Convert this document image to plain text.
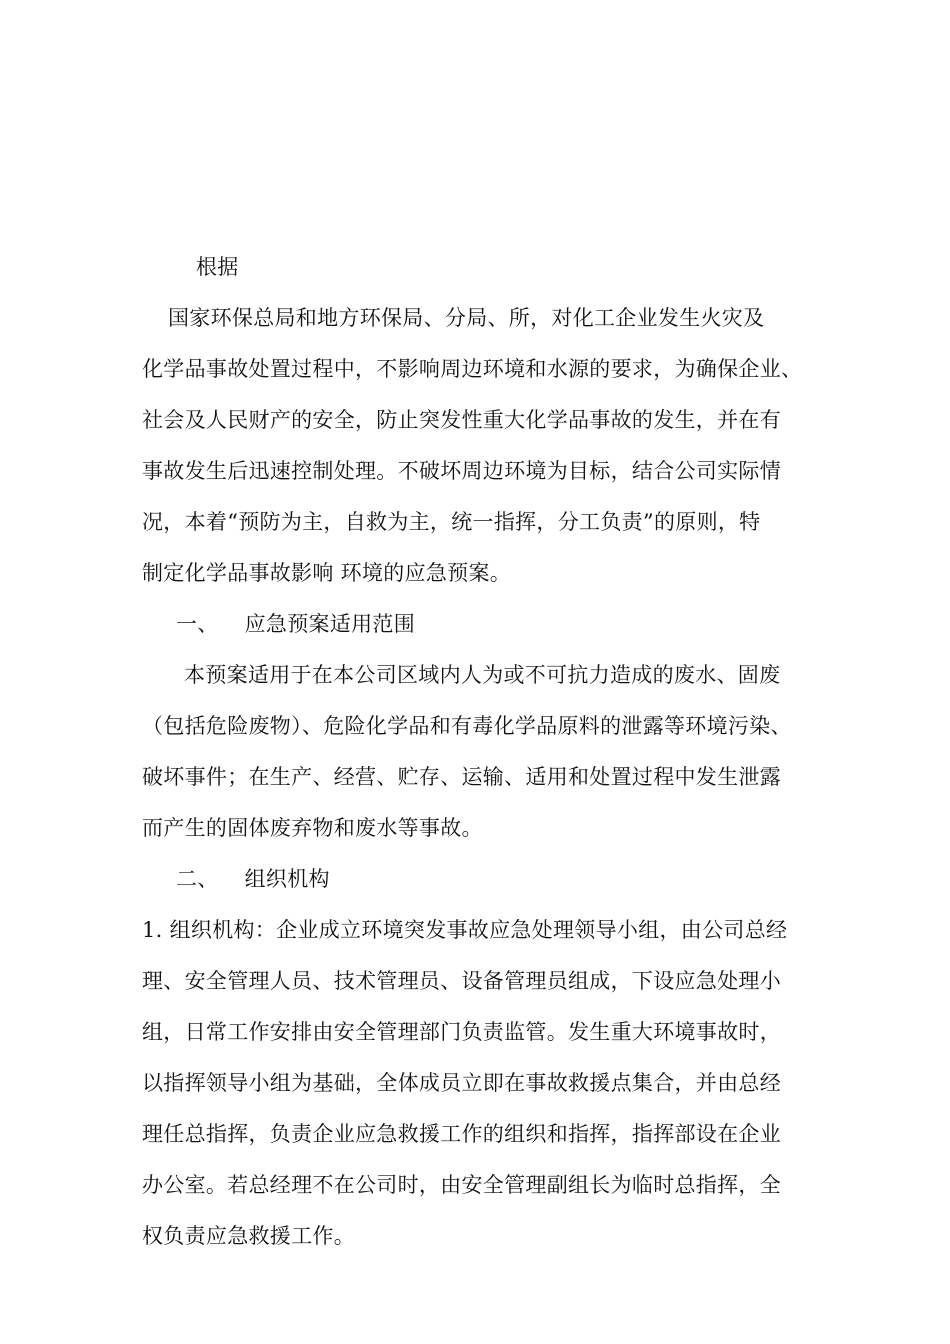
根据
国家环保总局和地方环保局、分局、所，对化工企业发生火灾及
化学品事故处置过程中，不影响周边环境和水源的要求，为确保企业、
社会及人民财产的安全，防止突发性重大化学品事故的发生，并在有
事故发生后迅速控制处理。不破坏周边环境为目标，结合公司实际情
况，本着“预防为主，自救为主，统一指挥，分工负责”的原则，特
制定化学品事故影响 环境的应急预案。
一、 应急预案适用范围
本预案适用于在本公司区域内人为或不可抗力造成的废水、固废
（包括危险废物）、危险化学品和有毒化学品原料的泄露等环境污染、
破坏事件；在生产、经营、贮存、运输、适用和处置过程中发生泄露
而产生的固体废弃物和废水等事故。
二、 组织机构
1. 组织机构：企业成立环境突发事故应急处理领导小组，由公司总经
理、安全管理人员、技术管理员、设备管理员组成，下设应急处理小
组，日常工作安排由安全管理部门负责监管。发生重大环境事故时，
以指挥领导小组为基础，全体成员立即在事故救援点集合，并由总经
理任总指挥，负责企业应急救援工作的组织和指挥，指挥部设在企业
办公室。若总经理不在公司时，由安全管理副组长为临时总指挥，全
权负责应急救援工作。
